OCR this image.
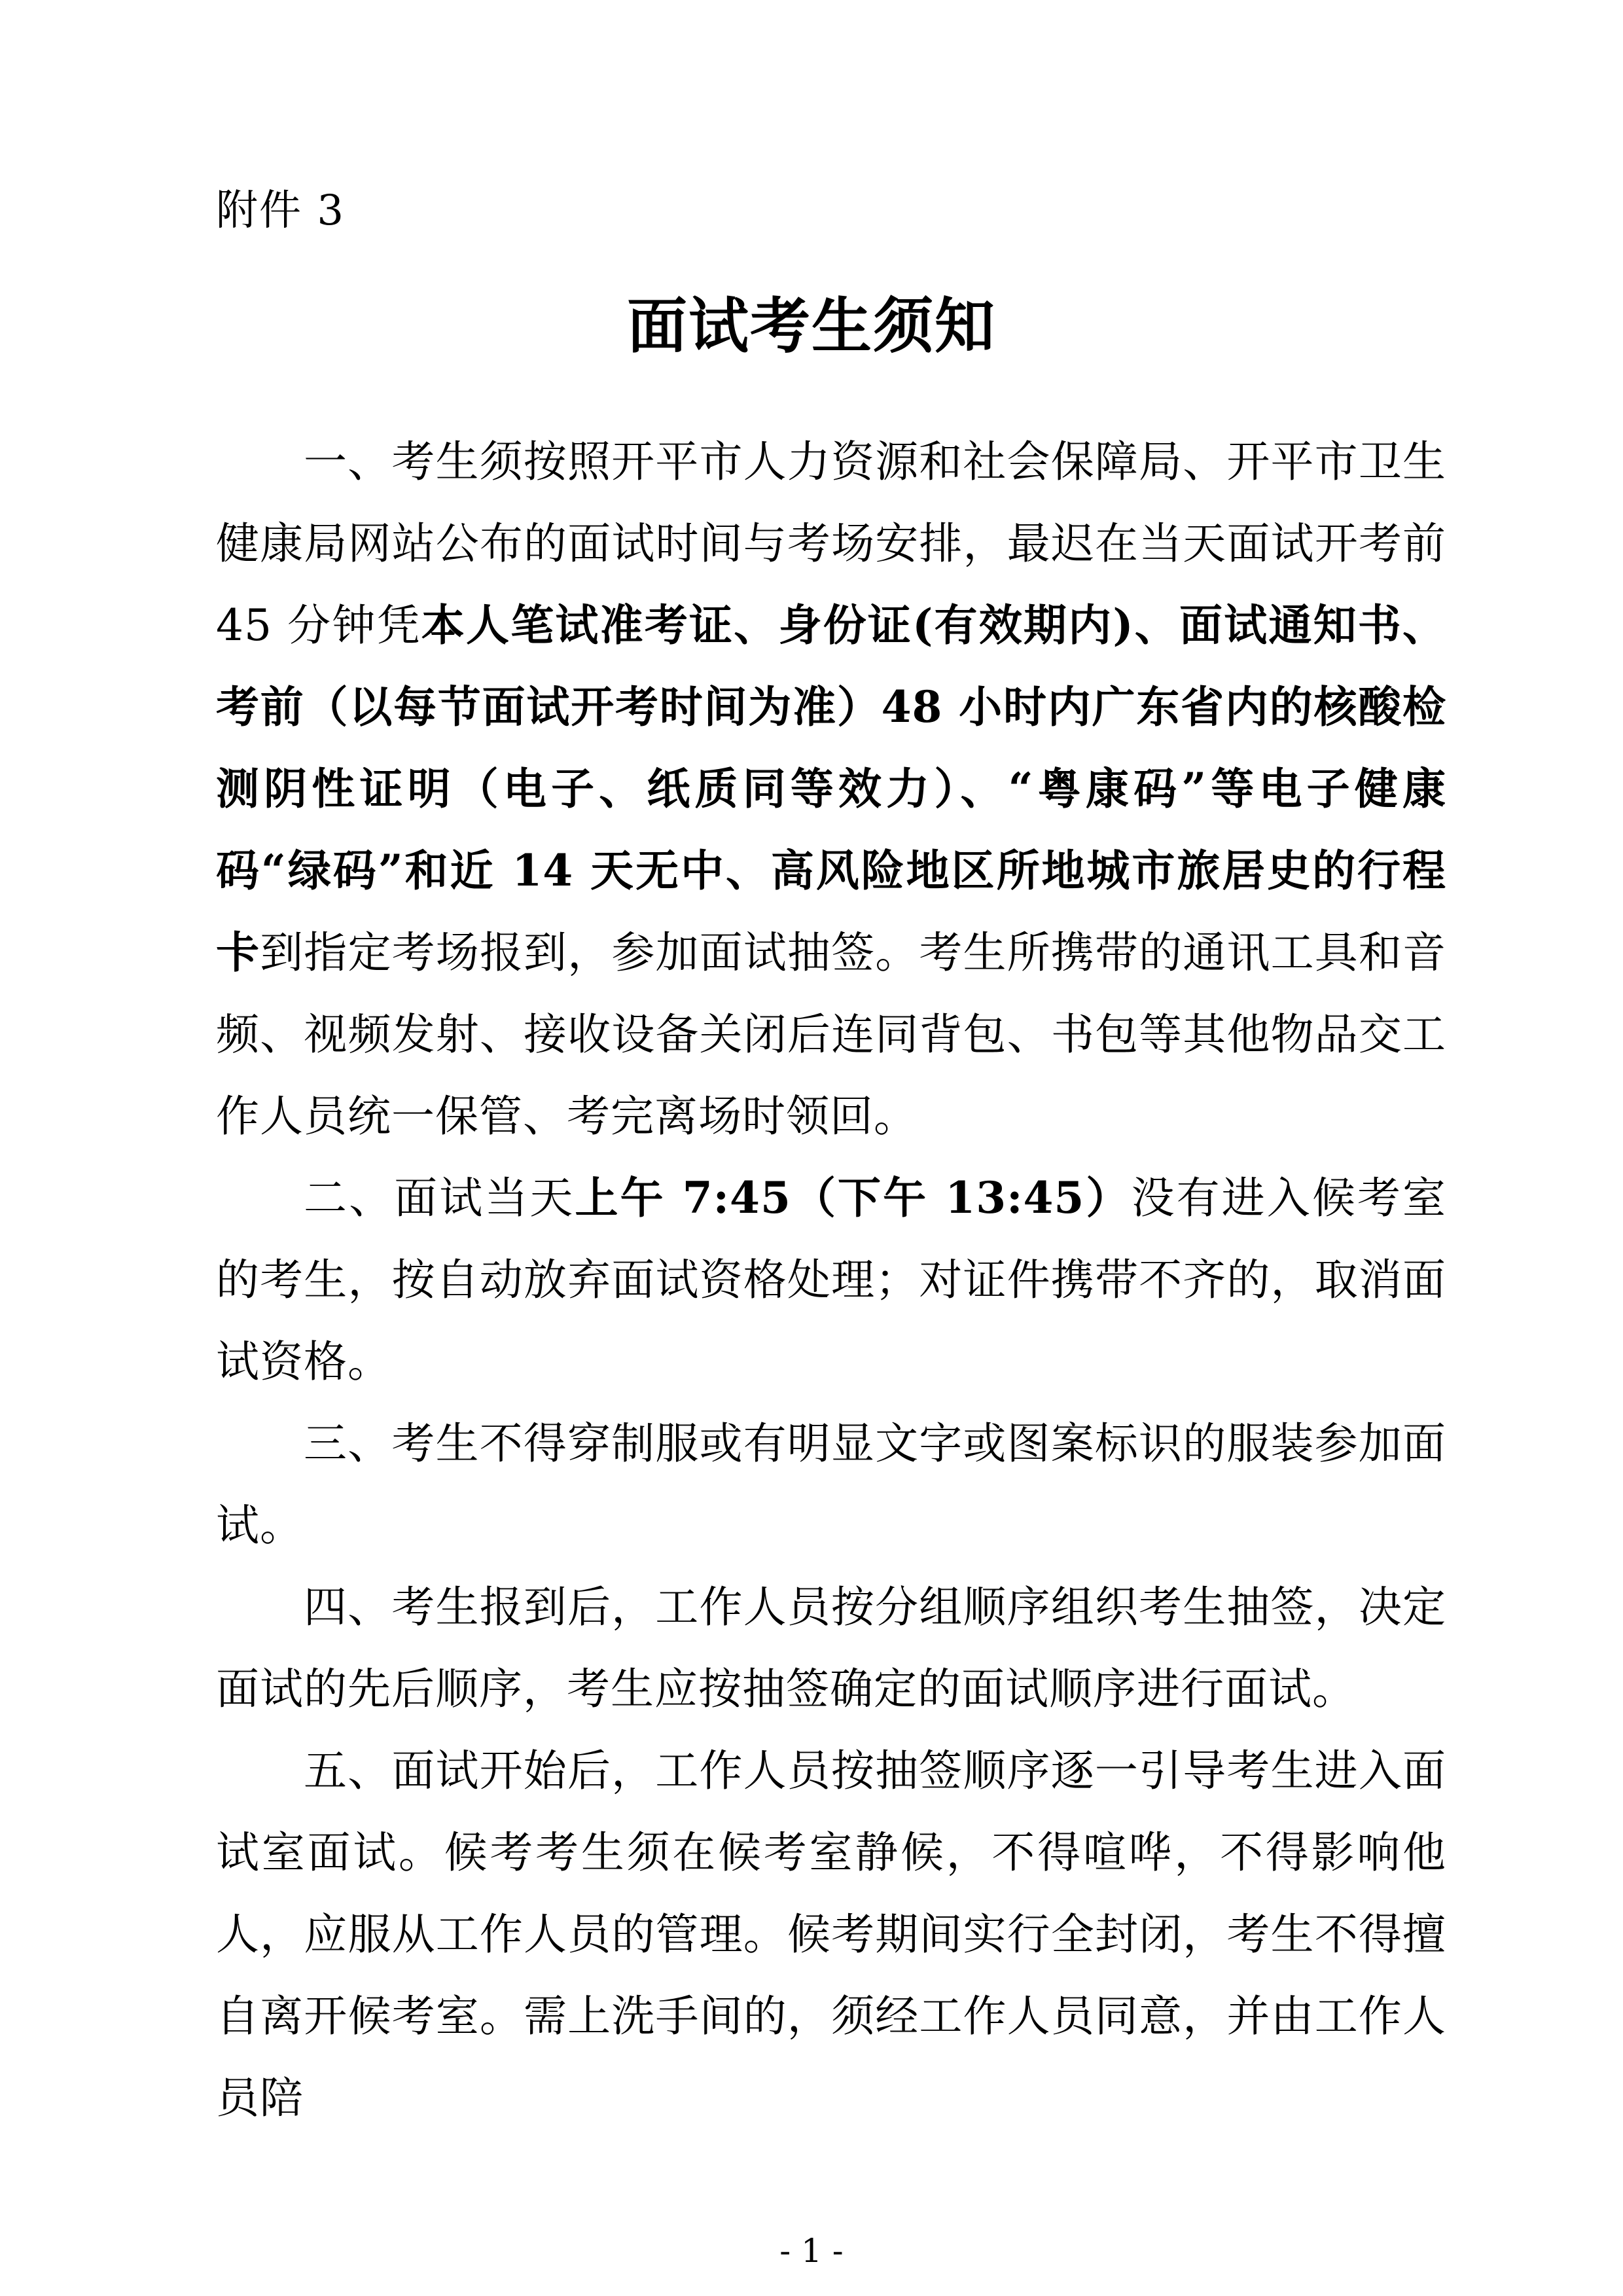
附件 3
面试考生须知

一、考生须按照开平市人力资源和社会保障局、开平市卫生健康局网站公布的面试时间与考场安排，最迟在当天面试开考前 45 分钟凭本人笔试准考证、身份证(有效期内)、面试通知书、考前（以每节面试开考时间为准）48 小时内广东省内的核酸检测阴性证明（电子、纸质同等效力）、“粤康码”等电子健康码“绿码”和近 14 天无中、高风险地区所地城市旅居史的行程卡到指定考场报到，参加面试抽签。考生所携带的通讯工具和音频、视频发射、接收设备关闭后连同背包、书包等其他物品交工作人员统一保管、考完离场时领回。

二、面试当天上午 7:45（下午 13:45）没有进入候考室的考生，按自动放弃面试资格处理；对证件携带不齐的，取消面试资格。

三、考生不得穿制服或有明显文字或图案标识的服装参加面试。

四、考生报到后，工作人员按分组顺序组织考生抽签，决定面试的先后顺序，考生应按抽签确定的面试顺序进行面试。

五、面试开始后，工作人员按抽签顺序逐一引导考生进入面试室面试。候考考生须在候考室静候，不得喧哗，不得影响他人，应服从工作人员的管理。候考期间实行全封闭，考生不得擅自离开候考室。需上洗手间的，须经工作人员同意，并由工作人员陪

- 1 -
